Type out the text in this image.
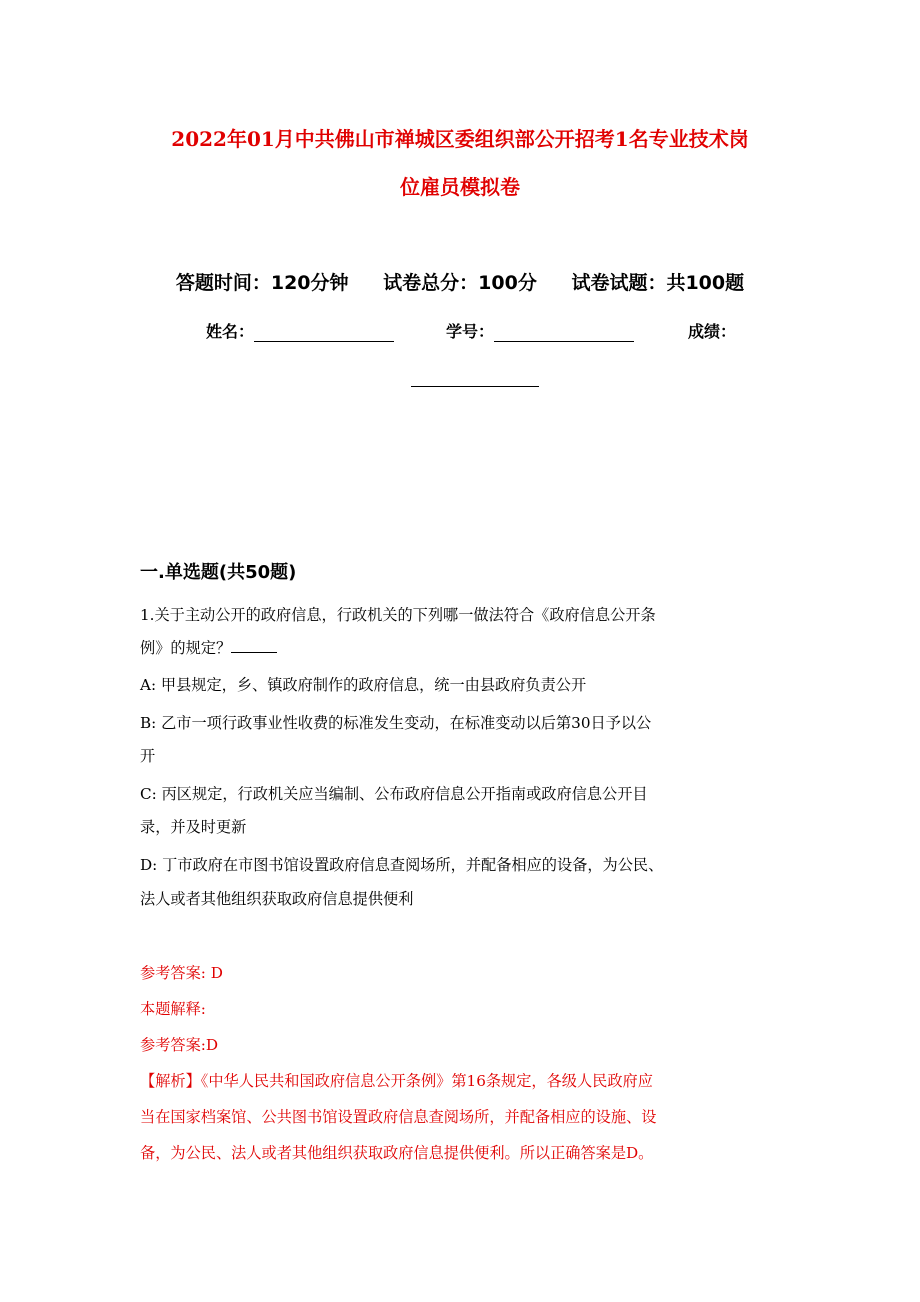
2022年01月中共佛山市禅城区委组织部公开招考1名专业技术岗
位雇员模拟卷
答题时间：120分钟 试卷总分：100分 试卷试题：共100题
姓名：	学号：	成绩：
一.单选题(共50题)
1.关于主动公开的政府信息，行政机关的下列哪一做法符合《政府信息公开条
例》的规定？
A: 甲县规定，乡、镇政府制作的政府信息，统一由县政府负责公开
B: 乙市一项行政事业性收费的标准发生变动，在标准变动以后第30日予以公
开
C: 丙区规定，行政机关应当编制、公布政府信息公开指南或政府信息公开目
录，并及时更新
D: 丁市政府在市图书馆设置政府信息查阅场所，并配备相应的设备，为公民、
法人或者其他组织获取政府信息提供便利
参考答案: D
本题解释:
参考答案:D
【解析】《中华人民共和国政府信息公开条例》第16条规定，各级人民政府应
当在国家档案馆、公共图书馆设置政府信息查阅场所，并配备相应的设施、设
备，为公民、法人或者其他组织获取政府信息提供便利。所以正确答案是D。
